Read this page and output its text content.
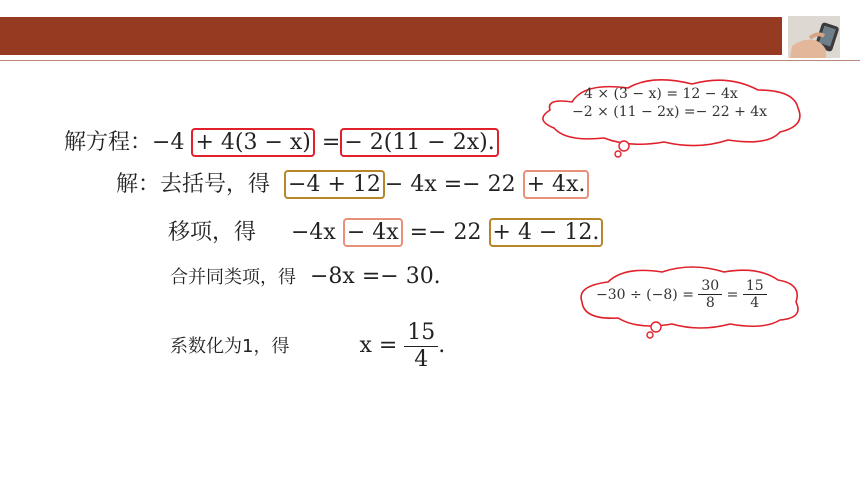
解方程：−4 + 4(3 − x) = − 2(11 − 2x).
解：去括号，得 −4 + 12 − 4x =− 22 + 4x.
移项，得 −4x − 4x =− 22 + 4 − 12.
合并同类项，得 −8x =− 30.
系数化为1，得	$x = \frac{15}{4}$ .
4 × (3 − x) = 12 − 4x
−2 × (11 − 2x) =− 22 + 4x
$-30 \div (-8) = \frac{30}{8} = \frac{15}{4}$
